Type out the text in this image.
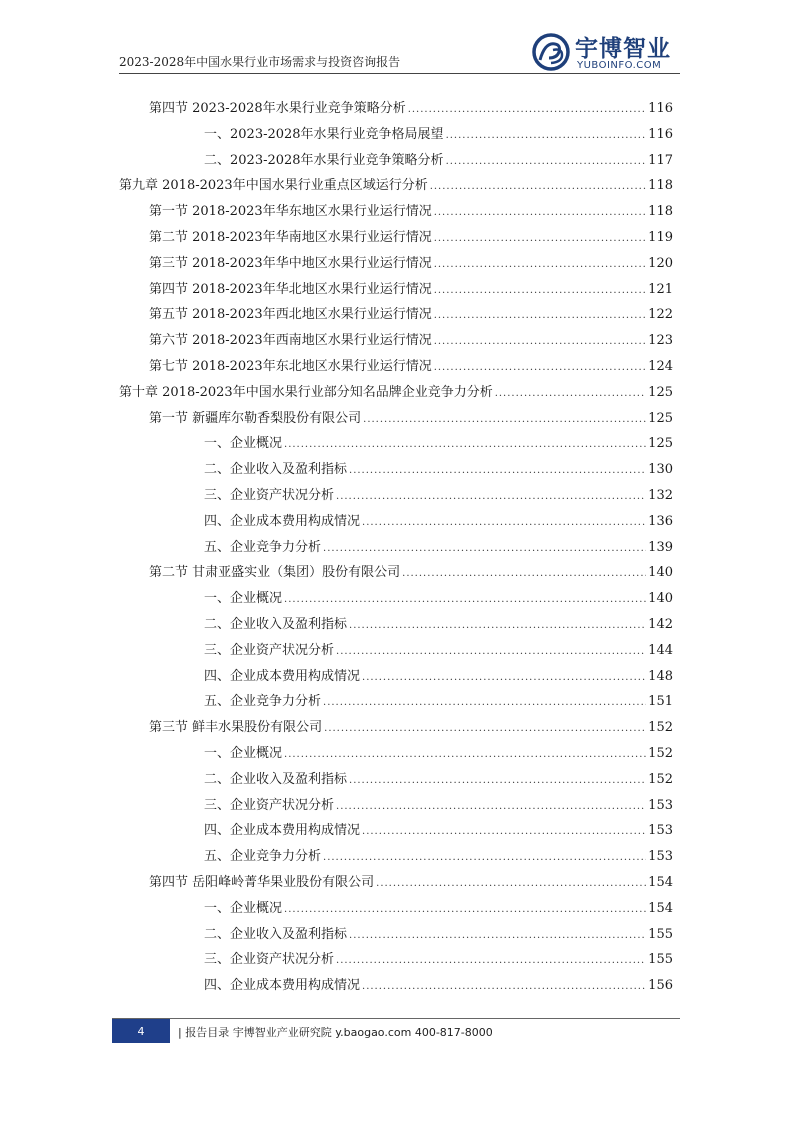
2023-2028年中国水果行业市场需求与投资咨询报告	宇博智业
YUBOINFO.COM
第四节 2023-2028年水果行业竞争策略分析 .....	116
一、2023-2028年水果行业竞争格局展望 .....	116
二、2023-2028年水果行业竞争策略分析 .....	117
第九章 2018-2023年中国水果行业重点区域运行分析 .....	118
第一节 2018-2023年华东地区水果行业运行情况 .....	118
第二节 2018-2023年华南地区水果行业运行情况 .....	119
第三节 2018-2023年华中地区水果行业运行情况 .....	120
第四节 2018-2023年华北地区水果行业运行情况 .....	121
第五节 2018-2023年西北地区水果行业运行情况 .....	122
第六节 2018-2023年西南地区水果行业运行情况 .....	123
第七节 2018-2023年东北地区水果行业运行情况 .....	124
第十章 2018-2023年中国水果行业部分知名品牌企业竞争力分析 .....	125
第一节 新疆库尔勒香梨股份有限公司 .....	125
一、企业概况 .....	125
二、企业收入及盈利指标 .....	130
三、企业资产状况分析 .....	132
四、企业成本费用构成情况 .....	136
五、企业竞争力分析 .....	139
第二节 甘肃亚盛实业（集团）股份有限公司 .....	140
一、企业概况 .....	140
二、企业收入及盈利指标 .....	142
三、企业资产状况分析 .....	144
四、企业成本费用构成情况 .....	148
五、企业竞争力分析 .....	151
第三节 鲜丰水果股份有限公司 .....	152
一、企业概况 .....	152
二、企业收入及盈利指标 .....	152
三、企业资产状况分析 .....	153
四、企业成本费用构成情况 .....	153
五、企业竞争力分析 .....	153
第四节 岳阳峰岭菁华果业股份有限公司 .....	154
一、企业概况 .....	154
二、企业收入及盈利指标 .....	155
三、企业资产状况分析 .....	155
四、企业成本费用构成情况 .....	156
4	| 报告目录 宇博智业产业研究院 y.baogao.com 400-817-8000
